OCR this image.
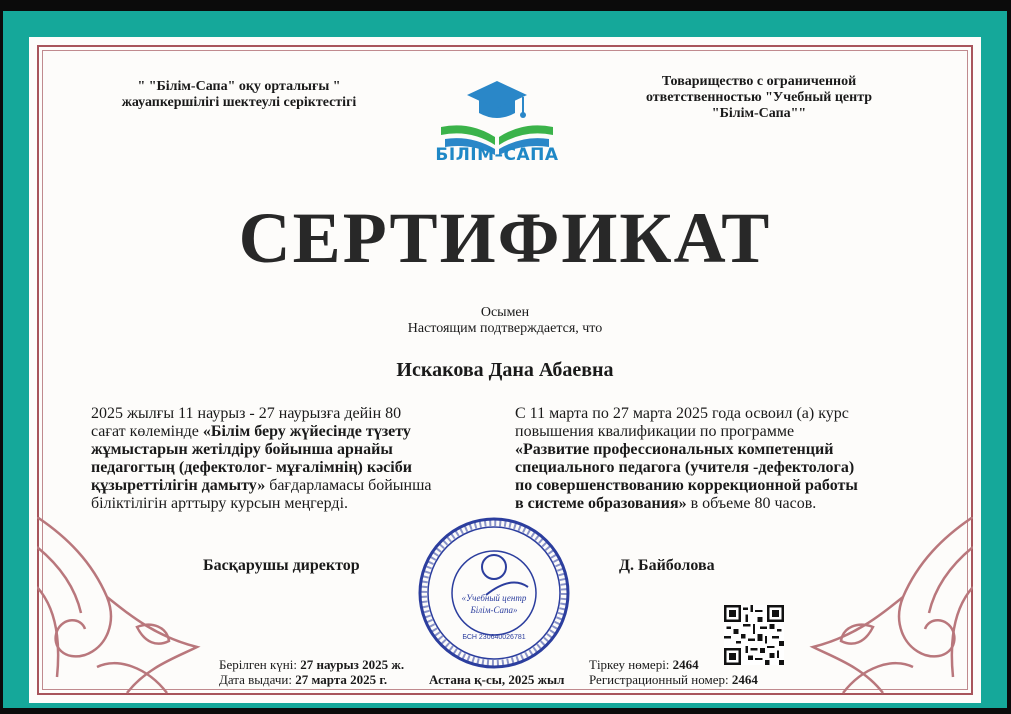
" "Білім-Сапа" оқу орталығы "
жауапкершілігі шектеулі серіктестігі
Товарищество с ограниченной
ответственностью "Учебный центр
"Білім-Сапа""
БІЛІМ–САПА
СЕРТИФИКАТ
Осымен
Настоящим подтверждается, что
Искакова Дана Абаевна
2025 жылғы 11 наурыз - 27 наурызға дейін 80
сағат көлемінде «Білім беру жүйесінде түзету
жұмыстарын жетілдіру бойынша арнайы
педагогтың (дефектолог- мұғалімнің) кәсіби
құзыреттілігін дамыту» бағдарламасы бойынша
біліктілігін арттыру курсын меңгерді.
С 11 марта по 27 марта 2025 года освоил (а) курс
повышения квалификации по программе
«Развитие профессиональных компетенций
специального педагога (учителя -дефектолога)
по совершенствованию коррекционной работы
в системе образования» в объеме 80 часов.
Басқарушы директор	Д. Байболова
«Учебный центр
Білім-Сапа»
БСН 230640026781
Берілген күні: 27 наурыз 2025 ж.
Дата выдачи: 27 марта 2025 г.	Астана қ-сы, 2025 жыл
Тіркеу нөмері: 2464
Регистрационный номер: 2464
